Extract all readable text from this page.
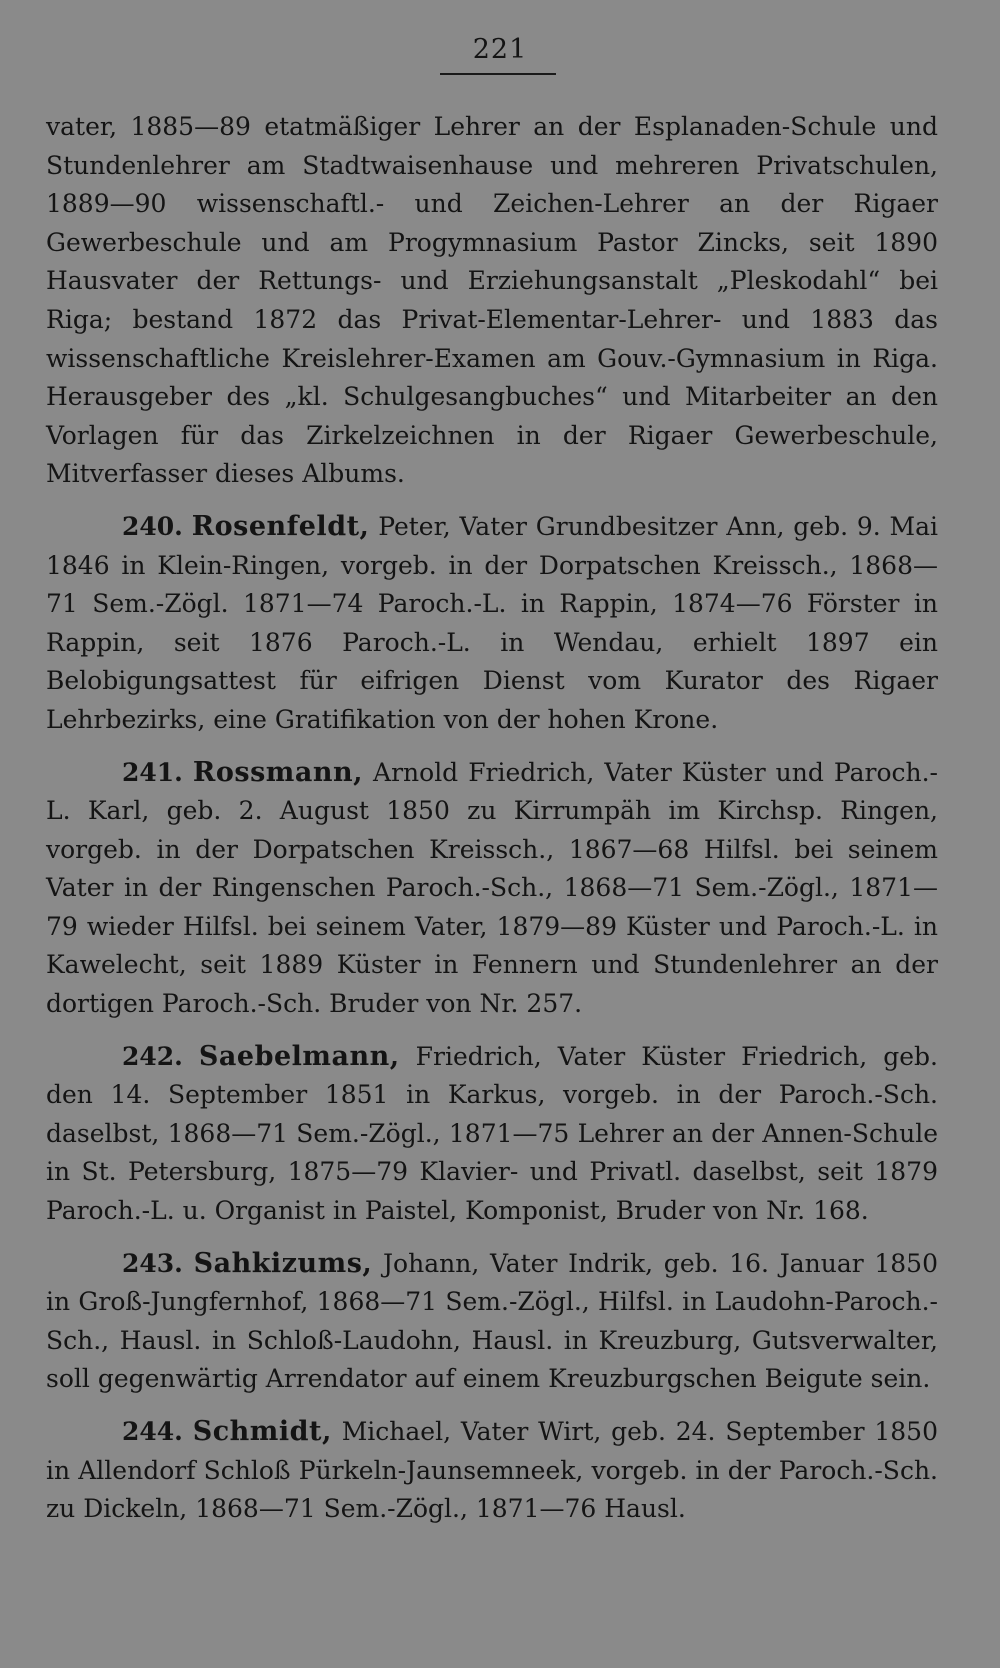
221

vater, 1885—89 etatmäßiger Lehrer an der Esplanaden-Schule und Stundenlehrer am Stadtwaisenhause und mehreren Privatschulen, 1889—90 wissenschaftl.- und Zeichen-Lehrer an der Rigaer Gewerbeschule und am Progymnasium Pastor Zincks, seit 1890 Hausvater der Rettungs- und Erziehungsanstalt „Pleskodahl“ bei Riga; bestand 1872 das Privat-Elementar-Lehrer- und 1883 das wissenschaftliche Kreislehrer-Examen am Gouv.-Gymnasium in Riga. Herausgeber des „kl. Schulgesangbuches“ und Mitarbeiter an den Vorlagen für das Zirkelzeichnen in der Rigaer Gewerbeschule, Mitverfasser dieses Albums.

240. Rosenfeldt, Peter, Vater Grundbesitzer Ann, geb. 9. Mai 1846 in Klein-Ringen, vorgeb. in der Dorpatschen Kreissch., 1868—71 Sem.-Zögl. 1871—74 Paroch.-L. in Rappin, 1874—76 Förster in Rappin, seit 1876 Paroch.-L. in Wendau, erhielt 1897 ein Belobigungsattest für eifrigen Dienst vom Kurator des Rigaer Lehrbezirks, eine Gratifikation von der hohen Krone.

241. Rossmann, Arnold Friedrich, Vater Küster und Paroch.-L. Karl, geb. 2. August 1850 zu Kirrumpäh im Kirchsp. Ringen, vorgeb. in der Dorpatschen Kreissch., 1867—68 Hilfsl. bei seinem Vater in der Ringenschen Paroch.-Sch., 1868—71 Sem.-Zögl., 1871—79 wieder Hilfsl. bei seinem Vater, 1879—89 Küster und Paroch.-L. in Kawelecht, seit 1889 Küster in Fennern und Stundenlehrer an der dortigen Paroch.-Sch. Bruder von Nr. 257.

242. Saebelmann, Friedrich, Vater Küster Friedrich, geb. den 14. September 1851 in Karkus, vorgeb. in der Paroch.-Sch. daselbst, 1868—71 Sem.-Zögl., 1871—75 Lehrer an der Annen-Schule in St. Petersburg, 1875—79 Klavier- und Privatl. daselbst, seit 1879 Paroch.-L. u. Organist in Paistel, Komponist, Bruder von Nr. 168.

243. Sahkizums, Johann, Vater Indrik, geb. 16. Januar 1850 in Groß-Jungfernhof, 1868—71 Sem.-Zögl., Hilfsl. in Laudohn-Paroch.-Sch., Hausl. in Schloß-Laudohn, Hausl. in Kreuzburg, Gutsverwalter, soll gegenwärtig Arrendator auf einem Kreuzburgschen Beigute sein.

244. Schmidt, Michael, Vater Wirt, geb. 24. September 1850 in Allendorf Schloß Pürkeln-Jaunsemneek, vorgeb. in der Paroch.-Sch. zu Dickeln, 1868—71 Sem.-Zögl., 1871—76 Hausl.
